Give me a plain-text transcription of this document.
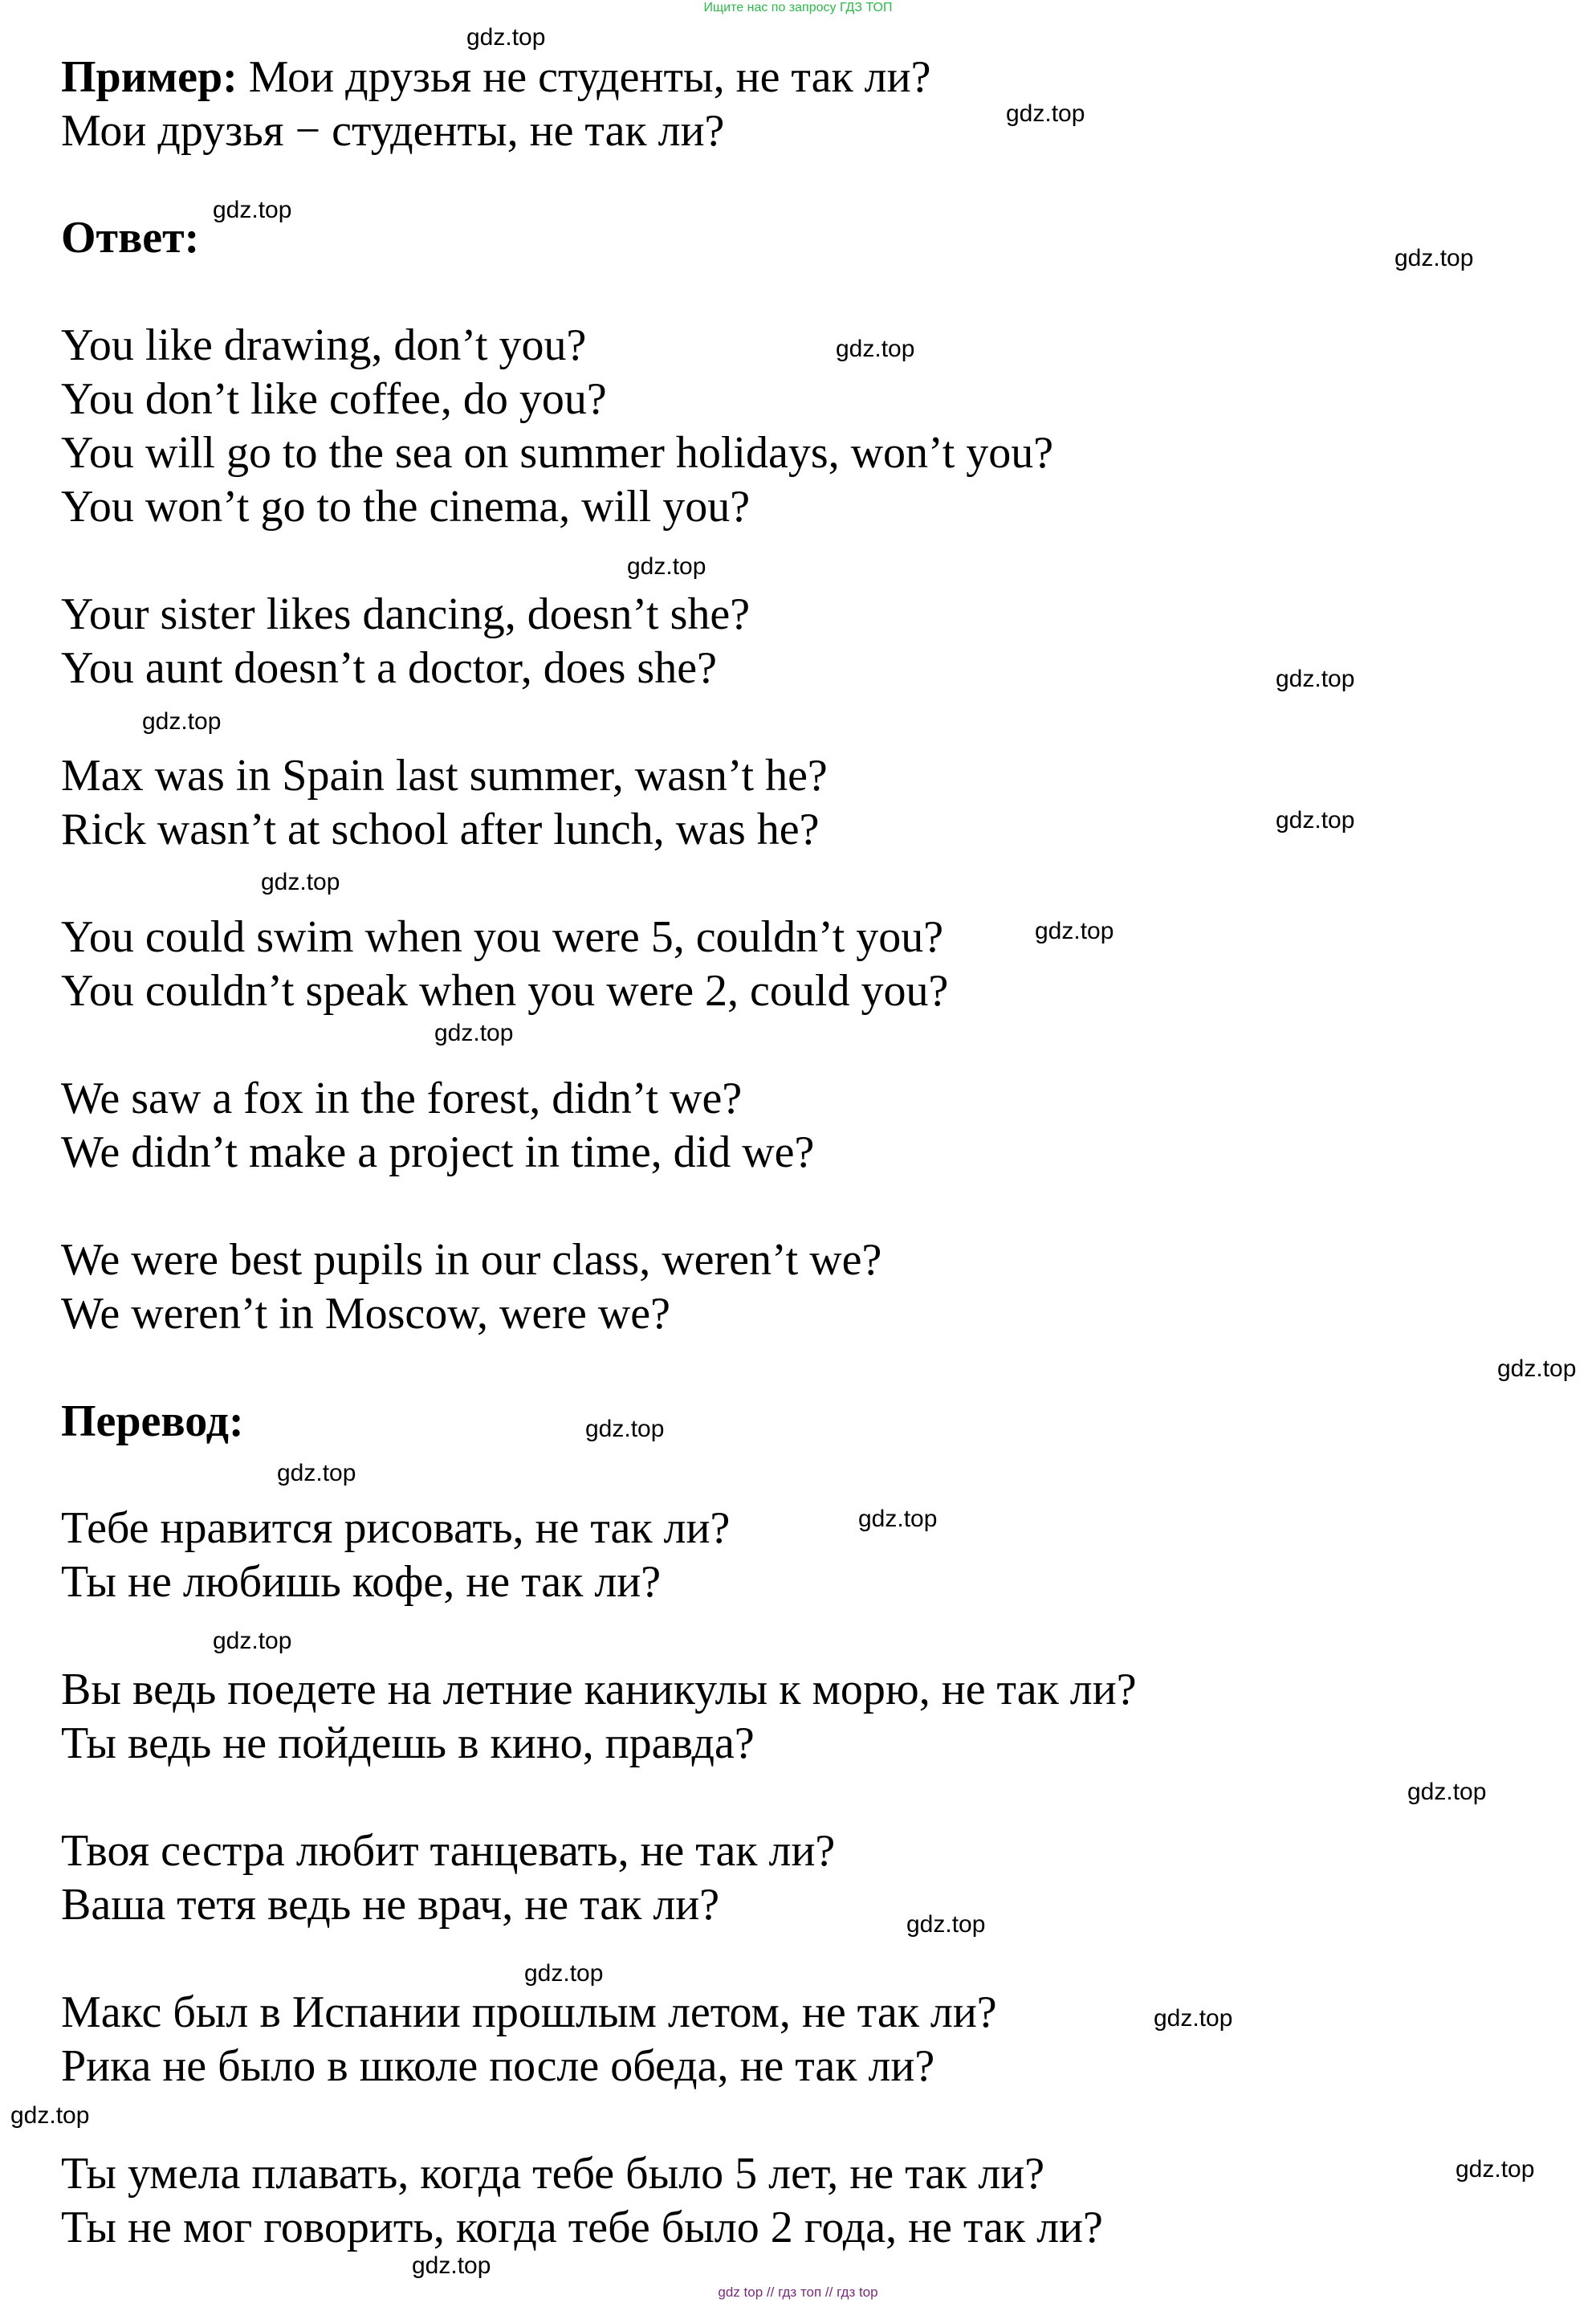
Ищите нас по запросу ГДЗ ТОП
Пример: Мои друзья не студенты, не так ли?
Мои друзья − студенты, не так ли?
Ответ:
You like drawing, don’t you?
You don’t like coffee, do you?
You will go to the sea on summer holidays, won’t you?
You won’t go to the cinema, will you?
Your sister likes dancing, doesn’t she?
You aunt doesn’t a doctor, does she?
Max was in Spain last summer, wasn’t he?
Rick wasn’t at school after lunch, was he?
You could swim when you were 5, couldn’t you?
You couldn’t speak when you were 2, could you?
We saw a fox in the forest, didn’t we?
We didn’t make a project in time, did we?
We were best pupils in our class, weren’t we?
We weren’t in Moscow, were we?
Перевод:
Тебе нравится рисовать, не так ли?
Ты не любишь кофе, не так ли?
Вы ведь поедете на летние каникулы к морю, не так ли?
Ты ведь не пойдешь в кино, правда?
Твоя сестра любит танцевать, не так ли?
Ваша тетя ведь не врач, не так ли?
Макс был в Испании прошлым летом, не так ли?
Рика не было в школе после обеда, не так ли?
Ты умела плавать, когда тебе было 5 лет, не так ли?
Ты не мог говорить, когда тебе было 2 года, не так ли?
gdz.top
gdz.top
gdz.top
gdz.top
gdz.top
gdz.top
gdz.top
gdz.top
gdz.top
gdz.top
gdz.top
gdz.top
gdz.top
gdz.top
gdz.top
gdz.top
gdz.top
gdz.top
gdz.top
gdz.top
gdz.top
gdz.top
gdz.top
gdz.top
gdz top // гдз топ // гдз top
